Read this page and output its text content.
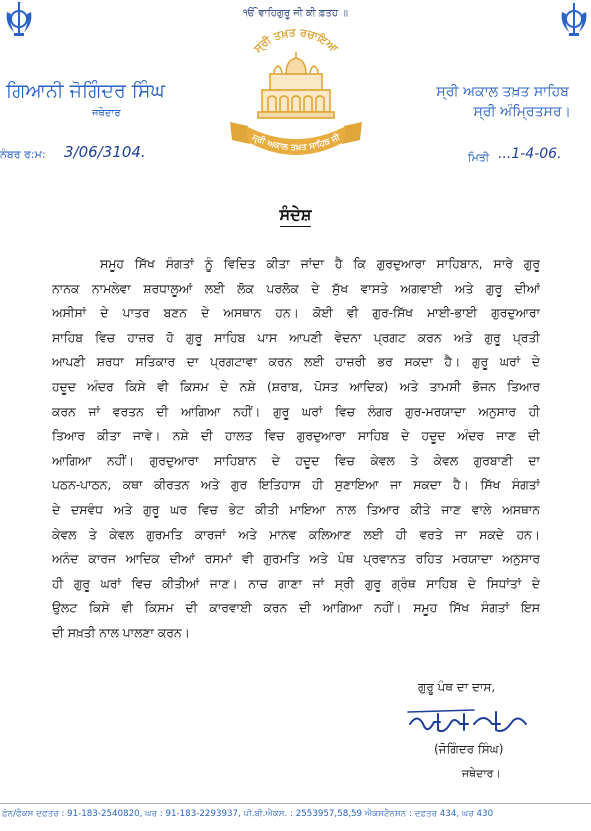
ੴ ਵਾਹਿਗੁਰੂ ਜੀ ਕੀ ਫ਼ਤਹ ॥
ਗਿਆਨੀ ਜੋਗਿੰਦਰ ਸਿੰਘ
ਜਥੇਦਾਰ
ਸ੍ਰੀ ਅਕਾਲ ਤਖ਼ਤ ਸਾਹਿਬ
ਸ੍ਰੀ ਅੰਮ੍ਰਿਤਸਰ।
ਸ੍ਰੀ ਤਖ਼ਤ ਰਚਾਇਆ
ਸ੍ਰੀ ਅਕਾਲ ਤਖ਼ਤ ਸਾਹਿਬ ਜੀ
ਨੰਬਰ ਰ:ਮ: 3/06/3104.	ਮਿਤੀ ...1-4-06.
ਸੰਦੇਸ਼
ਸਮੂਹ ਸਿੱਖ ਸੰਗਤਾਂ ਨੂੰ ਵਿਦਿਤ ਕੀਤਾ ਜਾਂਦਾ ਹੈ ਕਿ ਗੁਰਦੁਆਰਾ ਸਾਹਿਬਾਨ, ਸਾਰੇ ਗੁਰੂ
ਨਾਨਕ ਨਾਮਲੇਵਾ ਸ਼ਰਧਾਲੂਆਂ ਲਈ ਲੋਕ ਪਰਲੋਕ ਦੇ ਸੁੱਖ ਵਾਸਤੇ ਅਗਵਾਈ ਅਤੇ ਗੁਰੂ ਦੀਆਂ
ਅਸੀਸਾਂ ਦੇ ਪਾਤਰ ਬਣਨ ਦੇ ਅਸਥਾਨ ਹਨ। ਕੋਈ ਵੀ ਗੁਰ-ਸਿੱਖ ਮਾਈ-ਭਾਈ ਗੁਰਦੁਆਰਾ
ਸਾਹਿਬ ਵਿਚ ਹਾਜ਼ਰ ਹੋ ਗੁਰੂ ਸਾਹਿਬ ਪਾਸ ਆਪਣੀ ਵੇਦਨਾ ਪ੍ਰਗਟ ਕਰਨ ਅਤੇ ਗੁਰੂ ਪ੍ਰਤੀ
ਆਪਣੀ ਸ਼ਰਧਾ ਸਤਿਕਾਰ ਦਾ ਪ੍ਰਗਟਾਵਾ ਕਰਨ ਲਈ ਹਾਜ਼ਰੀ ਭਰ ਸਕਦਾ ਹੈ। ਗੁਰੂ ਘਰਾਂ ਦੇ
ਹਦੂਦ ਅੰਦਰ ਕਿਸੇ ਵੀ ਕਿਸਮ ਦੇ ਨਸ਼ੇ (ਸ਼ਰਾਬ, ਪੋਸਤ ਆਦਿਕ) ਅਤੇ ਤਾਮਸੀ ਭੋਜਨ ਤਿਆਰ
ਕਰਨ ਜਾਂ ਵਰਤਨ ਦੀ ਆਗਿਆ ਨਹੀਂ। ਗੁਰੂ ਘਰਾਂ ਵਿਚ ਲੰਗਰ ਗੁਰ-ਮਰਯਾਦਾ ਅਨੁਸਾਰ ਹੀ
ਤਿਆਰ ਕੀਤਾ ਜਾਵੇ। ਨਸ਼ੇ ਦੀ ਹਾਲਤ ਵਿਚ ਗੁਰਦੁਆਰਾ ਸਾਹਿਬ ਦੇ ਹਦੂਦ ਅੰਦਰ ਜਾਣ ਦੀ
ਆਗਿਆ ਨਹੀਂ। ਗੁਰਦੁਆਰਾ ਸਾਹਿਬਾਨ ਦੇ ਹਦੂਦ ਵਿਚ ਕੇਵਲ ਤੇ ਕੇਵਲ ਗੁਰਬਾਣੀ ਦਾ
ਪਠਨ-ਪਾਠਨ, ਕਥਾ ਕੀਰਤਨ ਅਤੇ ਗੁਰ ਇਤਿਹਾਸ ਹੀ ਸੁਣਾਇਆ ਜਾ ਸਕਦਾ ਹੈ। ਸਿੱਖ ਸੰਗਤਾਂ
ਦੇ ਦਸਵੰਧ ਅਤੇ ਗੁਰੂ ਘਰ ਵਿਚ ਭੇਟ ਕੀਤੀ ਮਾਇਆ ਨਾਲ ਤਿਆਰ ਕੀਤੇ ਜਾਣ ਵਾਲੇ ਅਸਥਾਨ
ਕੇਵਲ ਤੇ ਕੇਵਲ ਗੁਰਮਤਿ ਕਾਰਜਾਂ ਅਤੇ ਮਾਨਵ ਕਲਿਆਣ ਲਈ ਹੀ ਵਰਤੇ ਜਾ ਸਕਦੇ ਹਨ।
ਅਨੰਦ ਕਾਰਜ ਆਦਿਕ ਦੀਆਂ ਰਸਮਾਂ ਵੀ ਗੁਰਮਤਿ ਅਤੇ ਪੰਥ ਪ੍ਰਵਾਨਤ ਰਹਿਤ ਮਰਯਾਦਾ ਅਨੁਸਾਰ
ਹੀ ਗੁਰੂ ਘਰਾਂ ਵਿਚ ਕੀਤੀਆਂ ਜਾਣ। ਨਾਚ ਗਾਣਾ ਜਾਂ ਸ੍ਰੀ ਗੁਰੂ ਗ੍ਰੰਥ ਸਾਹਿਬ ਦੇ ਸਿਧਾਂਤਾਂ ਦੇ
ਉਲਟ ਕਿਸੇ ਵੀ ਕਿਸਮ ਦੀ ਕਾਰਵਾਈ ਕਰਨ ਦੀ ਆਗਿਆ ਨਹੀਂ। ਸਮੂਹ ਸਿੱਖ ਸੰਗਤਾਂ ਇਸ
ਦੀ ਸਖ਼ਤੀ ਨਾਲ ਪਾਲਣਾ ਕਰਨ।
ਗੁਰੂ ਪੰਥ ਦਾ ਦਾਸ,
(ਜੋਗਿੰਦਰ ਸਿੰਘ)
ਜਥੇਦਾਰ।
ਫ਼ੋਨ/ਫੈਕਸ ਦਫ਼ਤਰ : 91-183-2540820, ਘਰ : 91-183-2293937, ਪੀ.ਬੀ.ਐਕਸ. : 2553957,58,59 ਐਕਸਟੈਨਸ਼ਨ : ਦਫ਼ਤਰ 434, ਘਰ 430
